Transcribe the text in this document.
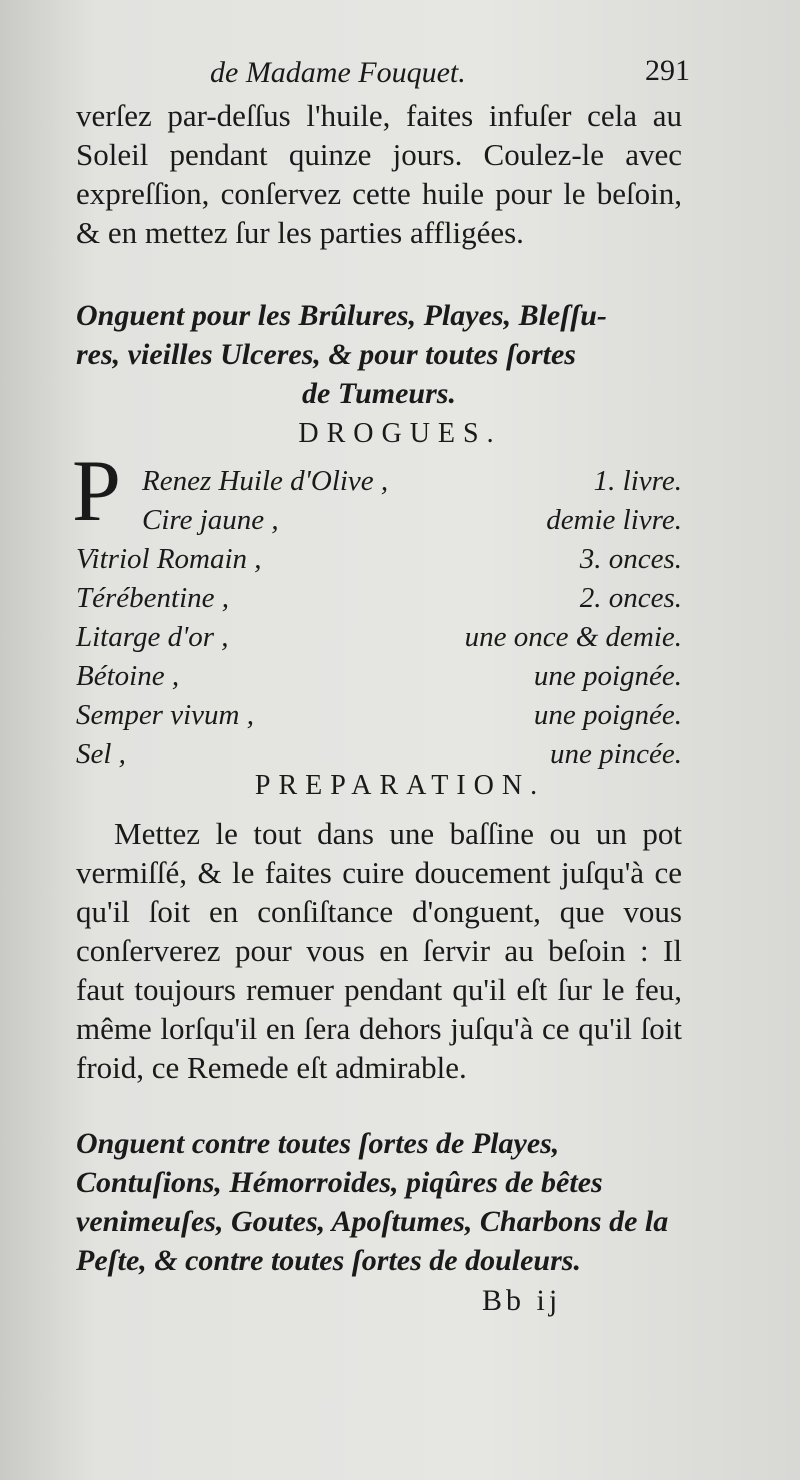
de Madame Fouquet.	291
verſez par-deſſus l'huile, faites infuſer cela au Soleil pendant quinze jours. Coulez-le avec expreſſion, conſervez cette huile pour le beſoin, & en mettez ſur les parties affligées.
Onguent pour les Brûlures, Playes, Bleſſu-
res, vieilles Ulceres, & pour toutes ſortes

de Tumeurs.
DROGUES.
P Renez Huile d'Olive ,	1. livre.
Cire jaune ,	demie livre.
Vitriol Romain ,	3. onces.
Térébentine ,	2. onces.
Litarge d'or ,	une once & demie.
Bétoine ,	une poignée.
Semper vivum ,	une poignée.
Sel ,	une pincée.
PREPARATION.
Mettez le tout dans une baſſine ou un pot vermiſſé, & le faites cuire doucement juſqu'à ce qu'il ſoit en conſiſtance d'onguent, que vous conſerverez pour vous en ſervir au beſoin : Il faut toujours remuer pendant qu'il eſt ſur le feu, même lorſqu'il en ſera dehors juſqu'à ce qu'il ſoit froid, ce Remede eſt admirable.
Onguent contre toutes ſortes de Playes, Contuſions, Hémorroides, piqûres de bêtes venimeuſes, Goutes, Apoſtumes, Charbons de la Peſte, & contre toutes ſortes de douleurs.
Bb ij
